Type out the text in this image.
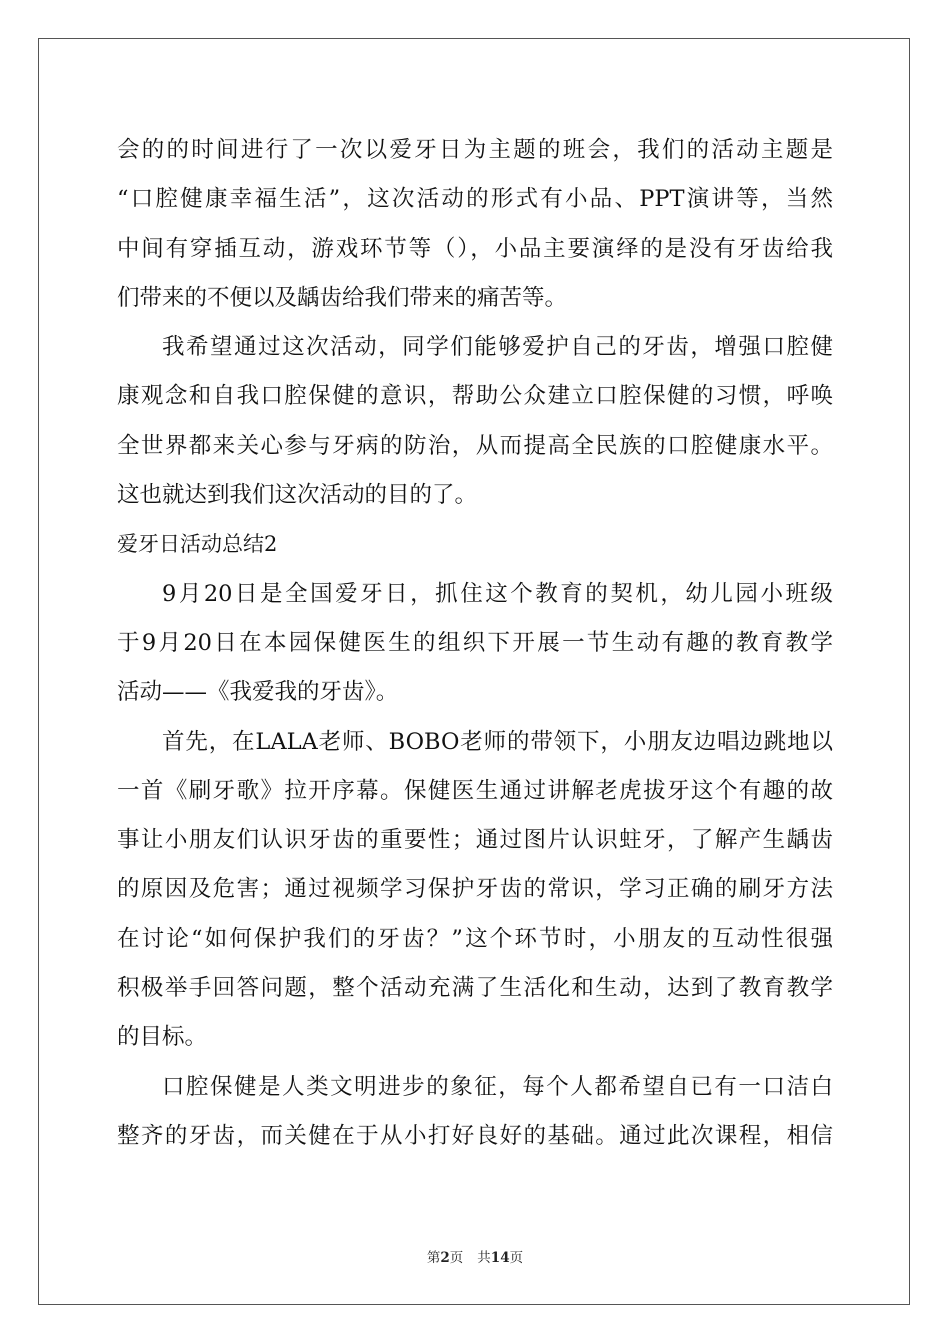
会的的时间进行了一次以爱牙日为主题的班会，我们的活动主题是
“口腔健康幸福生活”，这次活动的形式有小品、PPT演讲等，当然
中间有穿插互动，游戏环节等（），小品主要演绎的是没有牙齿给我
们带来的不便以及龋齿给我们带来的痛苦等。
我希望通过这次活动，同学们能够爱护自己的牙齿，增强口腔健
康观念和自我口腔保健的意识，帮助公众建立口腔保健的习惯，呼唤
全世界都来关心参与牙病的防治，从而提高全民族的口腔健康水平。
这也就达到我们这次活动的目的了。
爱牙日活动总结2
9月20日是全国爱牙日，抓住这个教育的契机，幼儿园小班级
于9月20日在本园保健医生的组织下开展一节生动有趣的教育教学
活动——《我爱我的牙齿》。
首先，在LALA老师、BOBO老师的带领下，小朋友边唱边跳地以
一首《刷牙歌》拉开序幕。保健医生通过讲解老虎拔牙这个有趣的故
事让小朋友们认识牙齿的重要性；通过图片认识蛀牙，了解产生龋齿
的原因及危害；通过视频学习保护牙齿的常识，学习正确的刷牙方法
在讨论“如何保护我们的牙齿？”这个环节时，小朋友的互动性很强
积极举手回答问题，整个活动充满了生活化和生动，达到了教育教学
的目标。
口腔保健是人类文明进步的象征，每个人都希望自已有一口洁白
整齐的牙齿，而关健在于从小打好良好的基础。通过此次课程，相信
第2页 共14页
